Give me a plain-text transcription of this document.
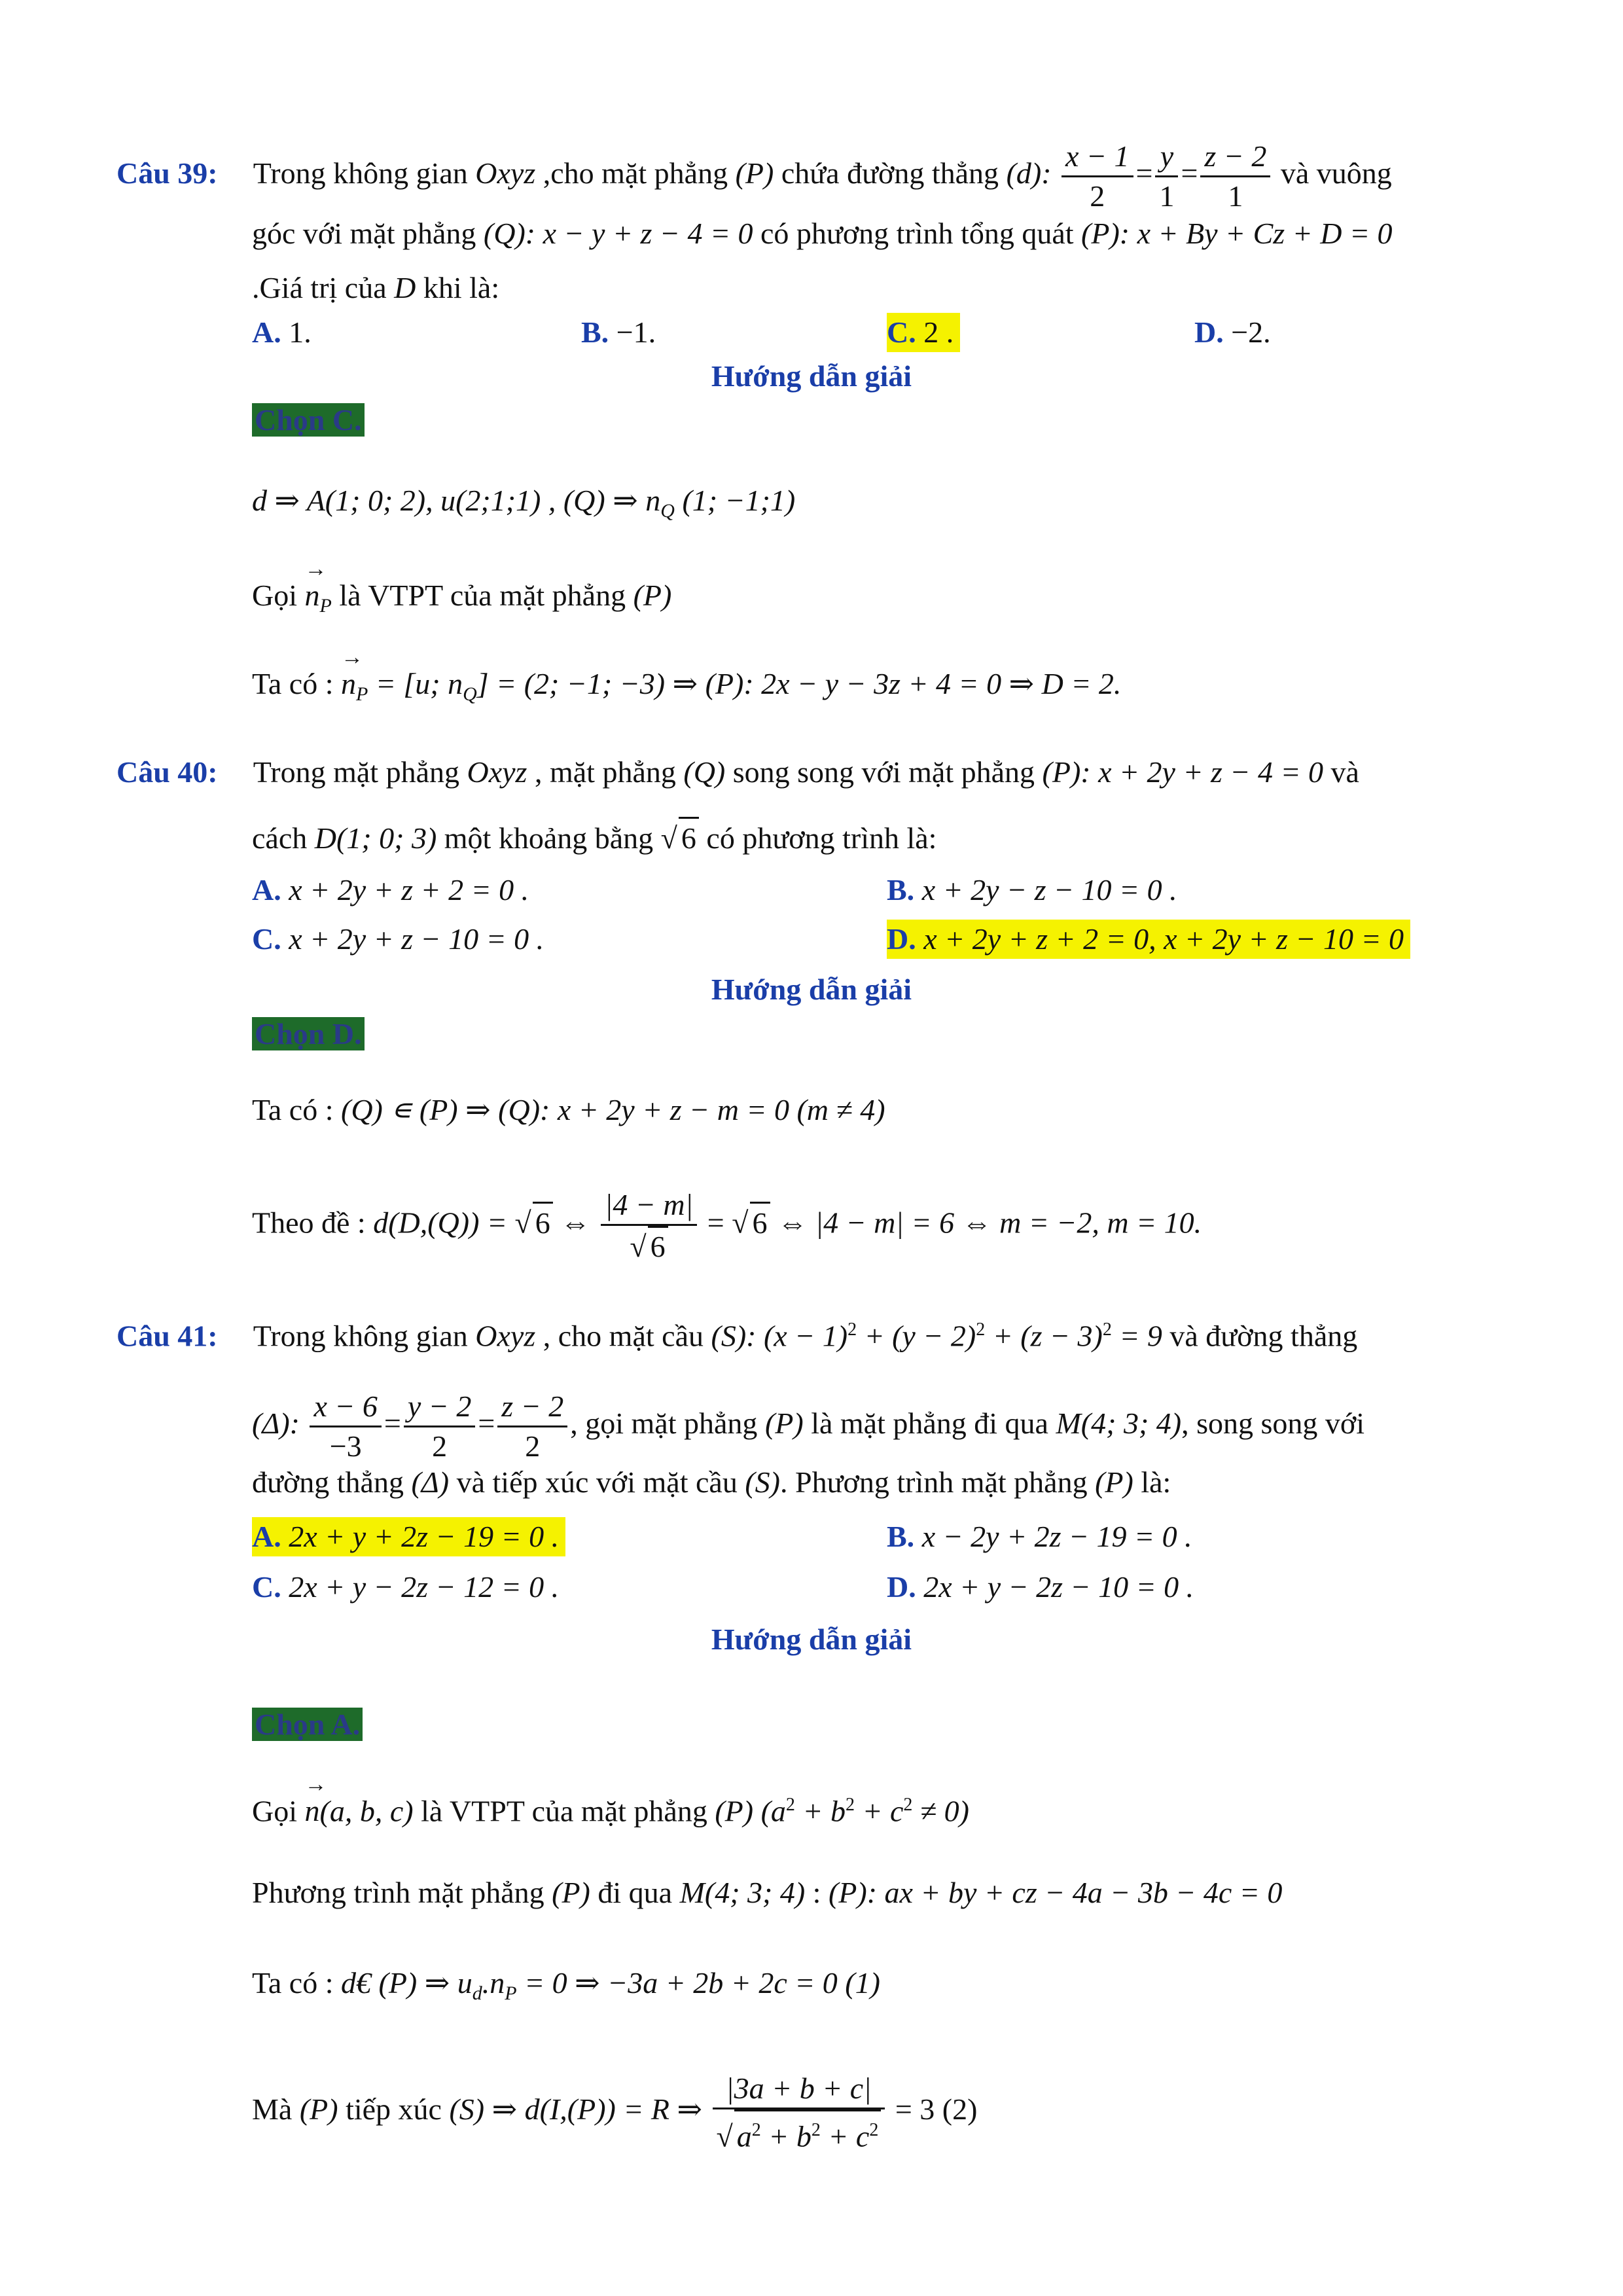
Câu 39: Trong không gian Oxyz ,cho mặt phẳng (P) chứa đường thẳng (d): $\frac{x - 1}{2} = \frac{y}{1} = \frac{z - 2}{1}$ và vuông
góc với mặt phẳng (Q): x − y + z − 4 = 0 có phương trình tổng quát (P): x + By + Cz + D = 0
.Giá trị của D khi là:
A. 1.	B. −1.	C. 2 .	D. −2.
Hướng dẫn giải
Chọn C.
d ⇒ A(1; 0; 2), u(2;1;1) , (Q) ⇒ $n_Q$ (1; −1;1)
Gọi → $n_P$ là VTPT của mặt phẳng (P)
Ta có : → $n_P = [u$; $n_Q] = (2$; −1; −3) ⇒ (P): 2x − y − 3z + 4 = 0 ⇒ D = 2.
Câu 40: Trong mặt phẳng Oxyz , mặt phẳng (Q) song song với mặt phẳng (P): x + 2y + z − 4 = 0 và
cách D(1; 0; 3) một khoảng bằng √ 6 có phương trình là:
A. x + 2y + z + 2 = 0 .	B. x + 2y − z − 10 = 0 .
C. x + 2y + z − 10 = 0 .	D. x + 2y + z + 2 = 0, x + 2y + z − 10 = 0
Hướng dẫn giải
Chọn D.
Ta có : (Q) ∊ (P) ⇒ (Q): x + 2y + z − m = 0 (m ≠ 4)
Theo đề : d(D,(Q)) = √ 6 ⇔ $\frac{|4 - m|}{√ 6}$ = √ 6 ⇔ |4 − m| = 6 ⇔ m = −2, m = 10.
Câu 41: Trong không gian Oxyz , cho mặt cầu (S): $(x - 1)^2 + (y - 2)^2 + (z - 3)^2 = 9$ và đường thẳng
(Δ): $\frac{x - 6}{-3} = \frac{y - 2}{2} = \frac{z - 2}{2}$ , gọi mặt phẳng (P) là mặt phẳng đi qua M(4; 3; 4), song song với
đường thẳng (Δ) và tiếp xúc với mặt cầu (S). Phương trình mặt phẳng (P) là:
A. 2x + y + 2z − 19 = 0 .	B. x − 2y + 2z − 19 = 0 .
C. 2x + y − 2z − 12 = 0 .	D. 2x + y − 2z − 10 = 0 .
Hướng dẫn giải
Chọn A.
Gọi → n(a, b, c) là VTPT của mặt phẳng (P) $(a^2 + b^2 + c^2 \ne 0)$
Phương trình mặt phẳng (P) đi qua M(4; 3; 4) : (P): ax + by + cz − 4a − 3b − 4c = 0
Ta có : d€ (P) ⇒ $u_d.n_P = 0$ ⇒ −3a + 2b + 2c = 0 (1)
Mà (P) tiếp xúc (S) ⇒ d(I,(P)) = R ⇒ $\frac{|3a + b + c|}{√ a^2 + b^2 + c^2} = 3$ (2)
